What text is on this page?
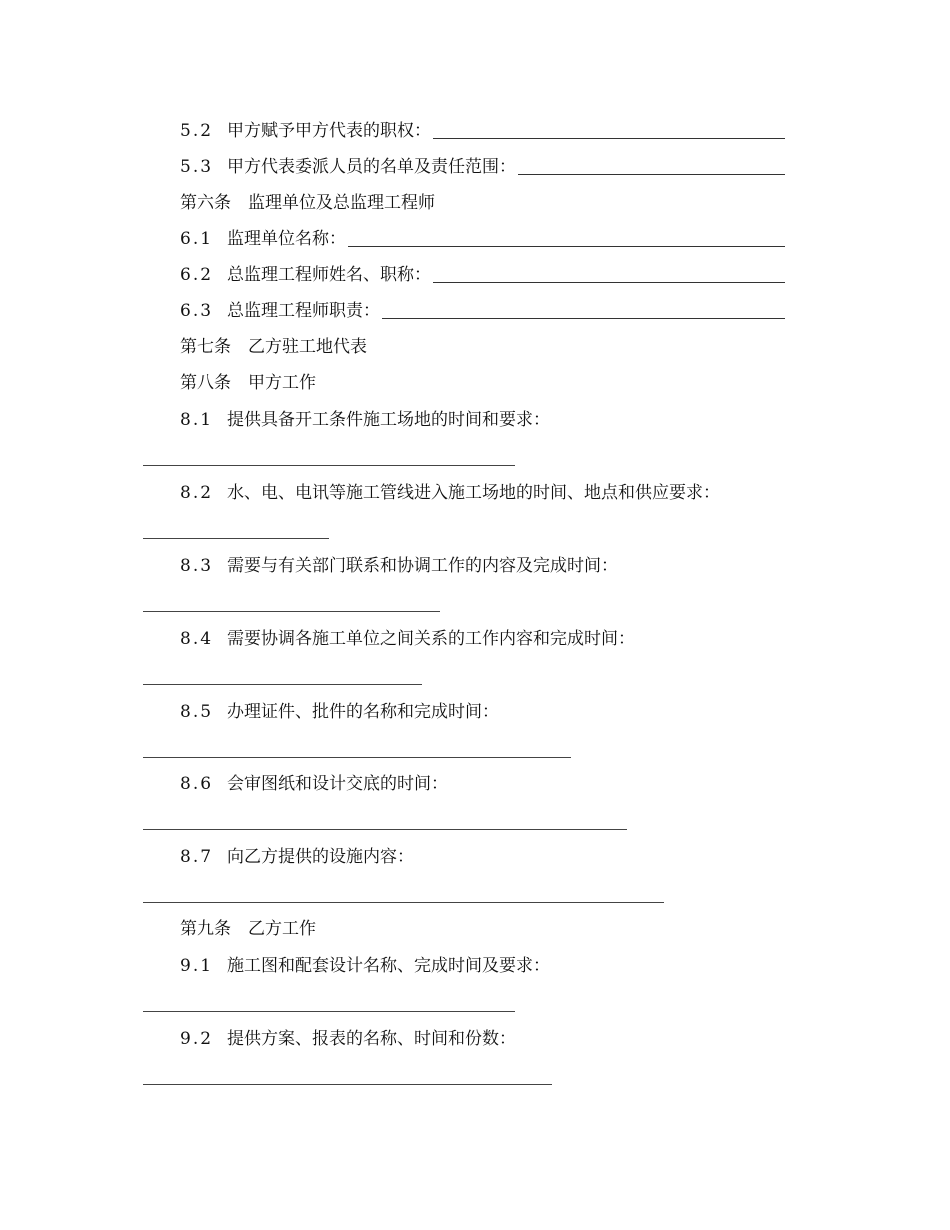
5.2 甲方赋予甲方代表的职权：
5.3 甲方代表委派人员的名单及责任范围：
第六条　监理单位及总监理工程师
6.1 监理单位名称：
6.2 总监理工程师姓名、职称：
6.3 总监理工程师职责：
第七条　乙方驻工地代表
第八条　甲方工作
8.1 提供具备开工条件施工场地的时间和要求：
8.2 水、电、电讯等施工管线进入施工场地的时间、地点和供应要求：
8.3 需要与有关部门联系和协调工作的内容及完成时间：
8.4 需要协调各施工单位之间关系的工作内容和完成时间：
8.5 办理证件、批件的名称和完成时间：
8.6 会审图纸和设计交底的时间：
8.7 向乙方提供的设施内容：
第九条　乙方工作
9.1 施工图和配套设计名称、完成时间及要求：
9.2 提供方案、报表的名称、时间和份数：
